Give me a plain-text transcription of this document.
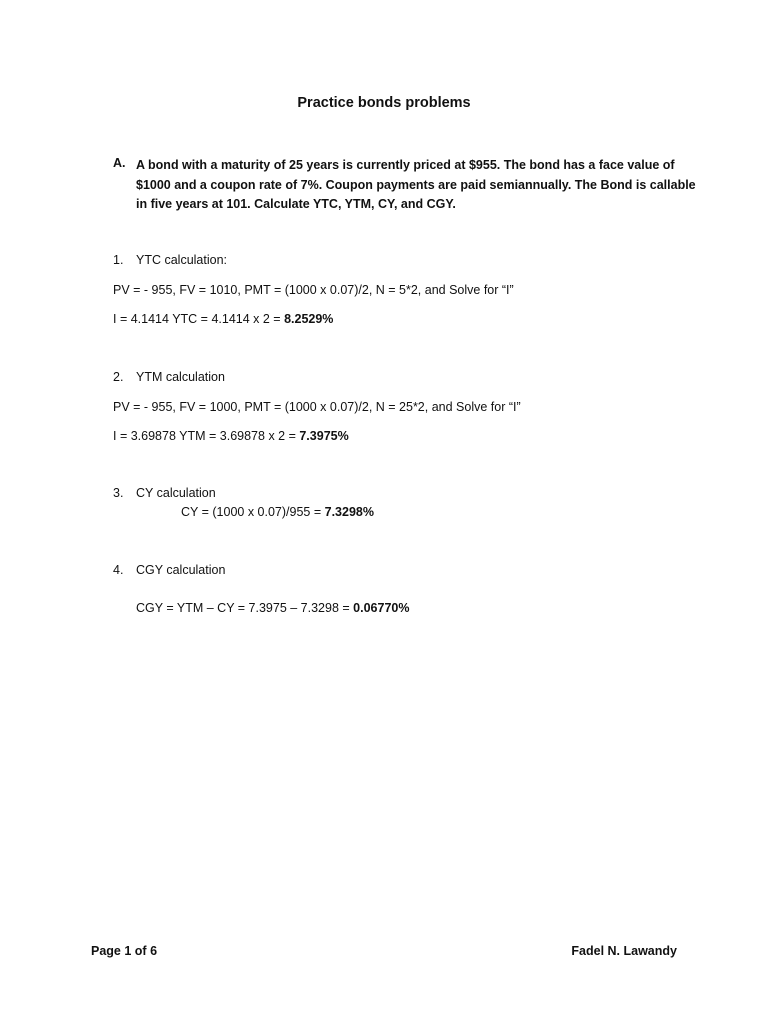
Practice bonds problems
A. A bond with a maturity of 25 years is currently priced at $955. The bond has a face value of $1000 and a coupon rate of 7%. Coupon payments are paid semiannually. The Bond is callable in five years at 101. Calculate YTC, YTM, CY, and CGY.
1.	YTC calculation:
PV = - 955, FV = 1010, PMT = (1000 x 0.07)/2, N = 5*2, and Solve for “I”
I = 4.1414 YTC = 4.1414 x 2 = 8.2529%
2.	YTM calculation
PV = - 955, FV = 1000, PMT = (1000 x 0.07)/2, N = 25*2, and Solve for “I”
I = 3.69878 YTM = 3.69878 x 2 = 7.3975%
3.	CY calculation
CY = (1000 x 0.07)/955 = 7.3298%
4.	CGY calculation
CGY = YTM – CY = 7.3975 – 7.3298 = 0.06770%
Page 1 of 6	Fadel N. Lawandy
